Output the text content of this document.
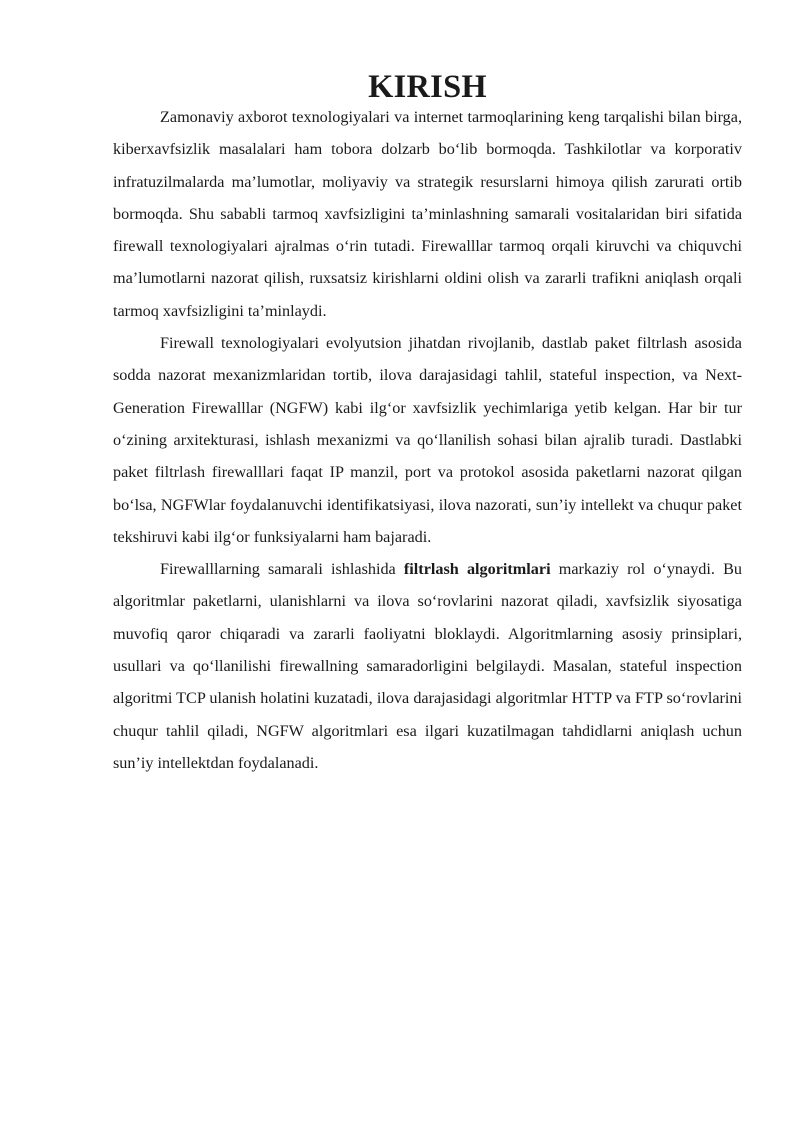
KIRISH

Zamonaviy axborot texnologiyalari va internet tarmoqlarining keng tarqalishi bilan birga, kiberxavfsizlik masalalari ham tobora dolzarb bo‘lib bormoqda. Tashkilotlar va korporativ infratuzilmalarda ma’lumotlar, moliyaviy va strategik resurslarni himoya qilish zarurati ortib bormoqda. Shu sababli tarmoq xavfsizligini ta’minlashning samarali vositalaridan biri sifatida firewall texnologiyalari ajralmas o‘rin tutadi. Firewalllar tarmoq orqali kiruvchi va chiquvchi ma’lumotlarni nazorat qilish, ruxsatsiz kirishlarni oldini olish va zararli trafikni aniqlash orqali tarmoq xavfsizligini ta’minlaydi.

Firewall texnologiyalari evolyutsion jihatdan rivojlanib, dastlab paket filtrlash asosida sodda nazorat mexanizmlaridan tortib, ilova darajasidagi tahlil, stateful inspection, va Next-Generation Firewalllar (NGFW) kabi ilg‘or xavfsizlik yechimlariga yetib kelgan. Har bir tur o‘zining arxitekturasi, ishlash mexanizmi va qo‘llanilish sohasi bilan ajralib turadi. Dastlabki paket filtrlash firewalllari faqat IP manzil, port va protokol asosida paketlarni nazorat qilgan bo‘lsa, NGFWlar foydalanuvchi identifikatsiyasi, ilova nazorati, sun’iy intellekt va chuqur paket tekshiruvi kabi ilg‘or funksiyalarni ham bajaradi.

Firewalllarning samarali ishlashida filtrlash algoritmlari markaziy rol o‘ynaydi. Bu algoritmlar paketlarni, ulanishlarni va ilova so‘rovlarini nazorat qiladi, xavfsizlik siyosatiga muvofiq qaror chiqaradi va zararli faoliyatni bloklaydi. Algoritmlarning asosiy prinsiplari, usullari va qo‘llanilishi firewallning samaradorligini belgilaydi. Masalan, stateful inspection algoritmi TCP ulanish holatini kuzatadi, ilova darajasidagi algoritmlar HTTP va FTP so‘rovlarini chuqur tahlil qiladi, NGFW algoritmlari esa ilgari kuzatilmagan tahdidlarni aniqlash uchun sun’iy intellektdan foydalanadi.
